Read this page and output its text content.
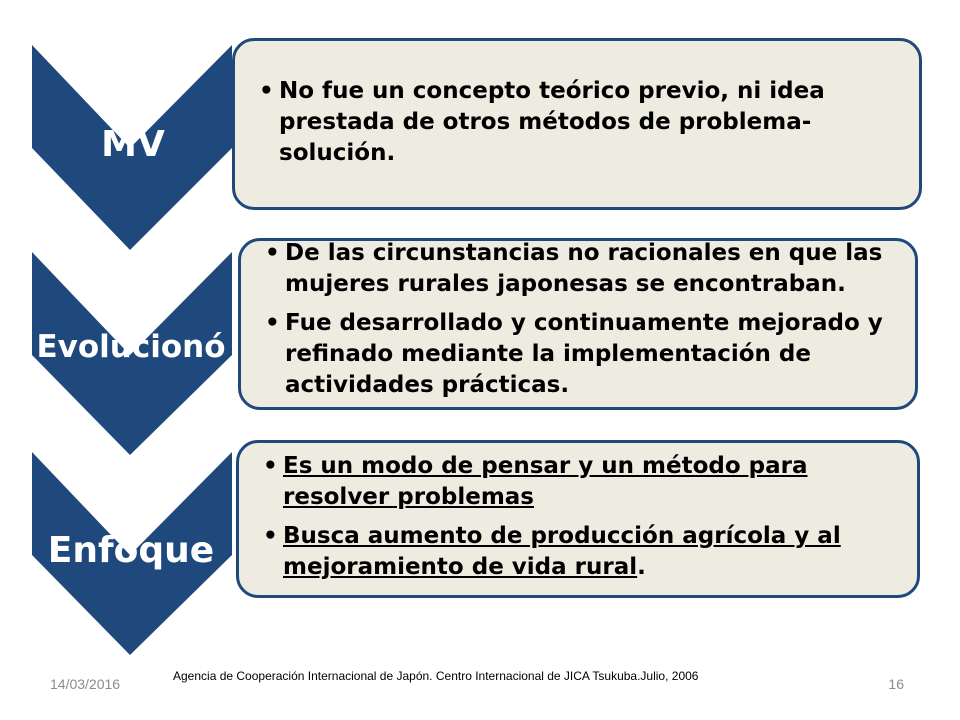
MV
Evolucionó
Enfoque
• No fue un concepto teórico previo, ni idea prestada de otros métodos de problema-solución.
• De las circunstancias no racionales en que las mujeres rurales japonesas se encontraban.
• Fue desarrollado y continuamente mejorado y refinado mediante la implementación de actividades prácticas.
• Es un modo de pensar y un método para resolver problemas
• Busca aumento de producción agrícola y al mejoramiento de vida rural.
14/03/2016	Agencia de Cooperación Internacional de Japón. Centro Internacional de JICA Tsukuba.Julio, 2006	16
